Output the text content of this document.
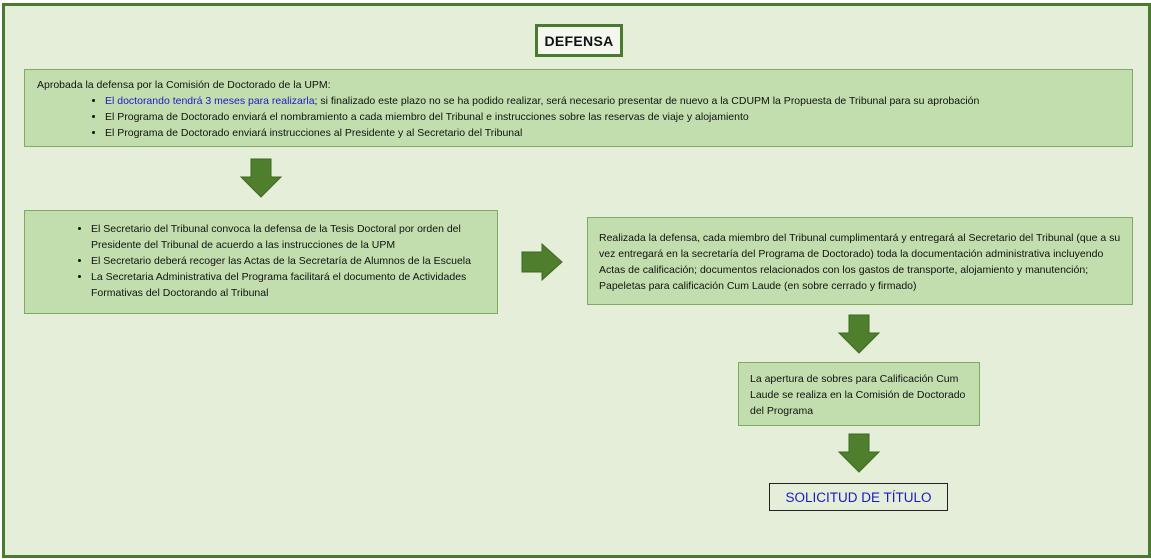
DEFENSA
Aprobada la defensa por la Comisión de Doctorado de la UPM:
• El doctorando tendrá 3 meses para realizarla; si finalizado este plazo no se ha podido realizar, será necesario presentar de nuevo a la CDUPM la Propuesta de Tribunal para su aprobación
• El Programa de Doctorado enviará el nombramiento a cada miembro del Tribunal e instrucciones sobre las reservas de viaje y alojamiento
• El Programa de Doctorado enviará instrucciones al Presidente y al Secretario del Tribunal
• El Secretario del Tribunal convoca la defensa de la Tesis Doctoral por orden del Presidente del Tribunal de acuerdo a las instrucciones de la UPM
• El Secretario deberá recoger las Actas de la Secretaría de Alumnos de la Escuela
• La Secretaria Administrativa del Programa facilitará el documento de Actividades Formativas del Doctorando al Tribunal
Realizada la defensa, cada miembro del Tribunal cumplimentará y entregará al Secretario del Tribunal (que a su vez entregará en la secretaría del Programa de Doctorado) toda la documentación administrativa incluyendo Actas de calificación; documentos relacionados con los gastos de transporte, alojamiento y manutención; Papeletas para calificación Cum Laude (en sobre cerrado y firmado)
La apertura de sobres para Calificación Cum Laude se realiza en la Comisión de Doctorado del Programa
SOLICITUD DE TÍTULO
